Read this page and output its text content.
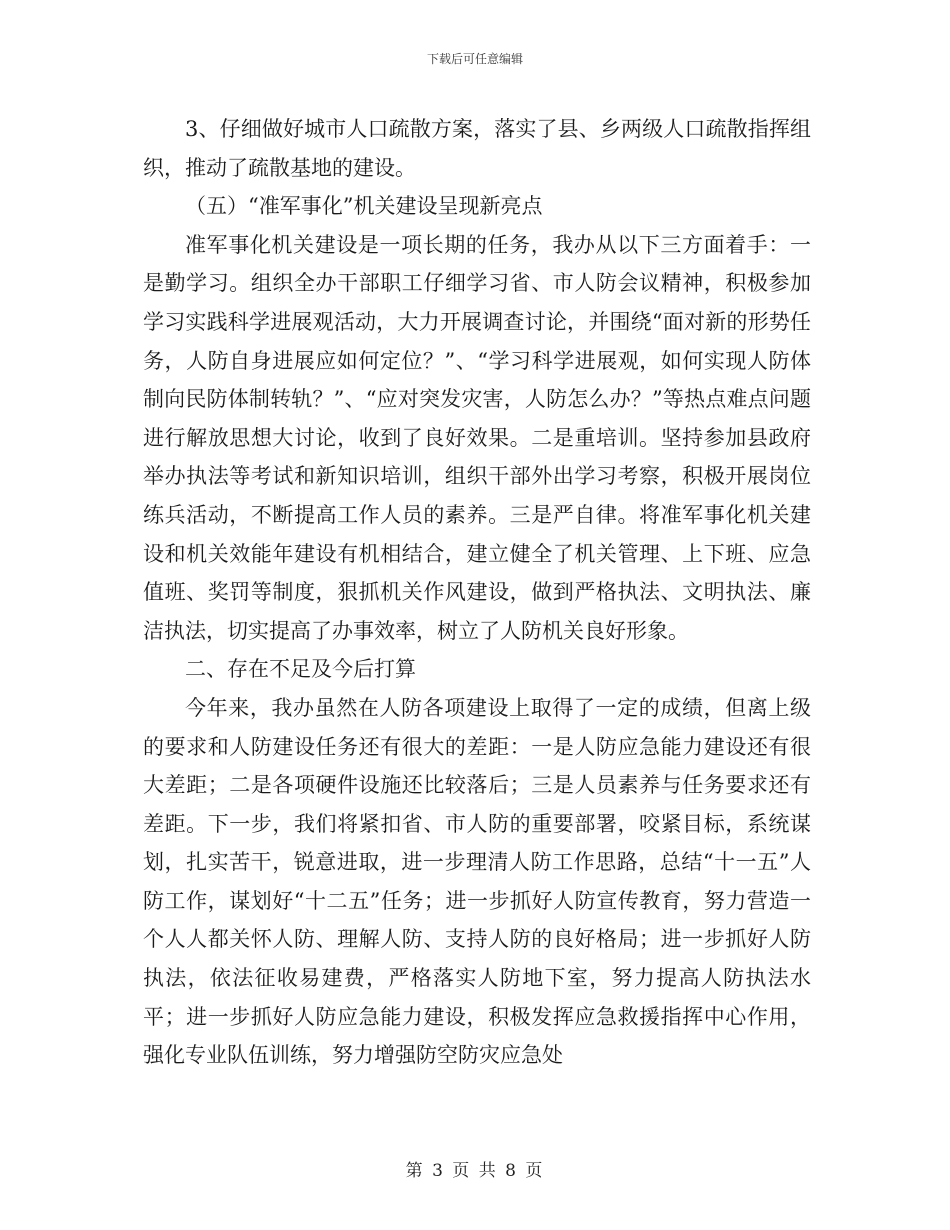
下载后可任意编辑

3、仔细做好城市人口疏散方案，落实了县、乡两级人口疏散指挥组织，推动了疏散基地的建设。

（五）“准军事化”机关建设呈现新亮点

准军事化机关建设是一项长期的任务，我办从以下三方面着手：一是勤学习。组织全办干部职工仔细学习省、市人防会议精神，积极参加学习实践科学进展观活动，大力开展调查讨论，并围绕“面对新的形势任务，人防自身进展应如何定位？”、“学习科学进展观，如何实现人防体制向民防体制转轨？”、“应对突发灾害，人防怎么办？”等热点难点问题进行解放思想大讨论，收到了良好效果。二是重培训。坚持参加县政府举办执法等考试和新知识培训，组织干部外出学习考察，积极开展岗位练兵活动，不断提高工作人员的素养。三是严自律。将准军事化机关建设和机关效能年建设有机相结合，建立健全了机关管理、上下班、应急值班、奖罚等制度，狠抓机关作风建设，做到严格执法、文明执法、廉洁执法，切实提高了办事效率，树立了人防机关良好形象。

二、存在不足及今后打算

今年来，我办虽然在人防各项建设上取得了一定的成绩，但离上级的要求和人防建设任务还有很大的差距：一是人防应急能力建设还有很大差距；二是各项硬件设施还比较落后；三是人员素养与任务要求还有差距。下一步，我们将紧扣省、市人防的重要部署，咬紧目标，系统谋划，扎实苦干，锐意进取，进一步理清人防工作思路，总结“十一五”人防工作，谋划好“十二五”任务；进一步抓好人防宣传教育，努力营造一个人人都关怀人防、理解人防、支持人防的良好格局；进一步抓好人防执法，依法征收易建费，严格落实人防地下室，努力提高人防执法水平；进一步抓好人防应急能力建设，积极发挥应急救援指挥中心作用，强化专业队伍训练，努力增强防空防灾应急处

第 3 页 共 8 页
